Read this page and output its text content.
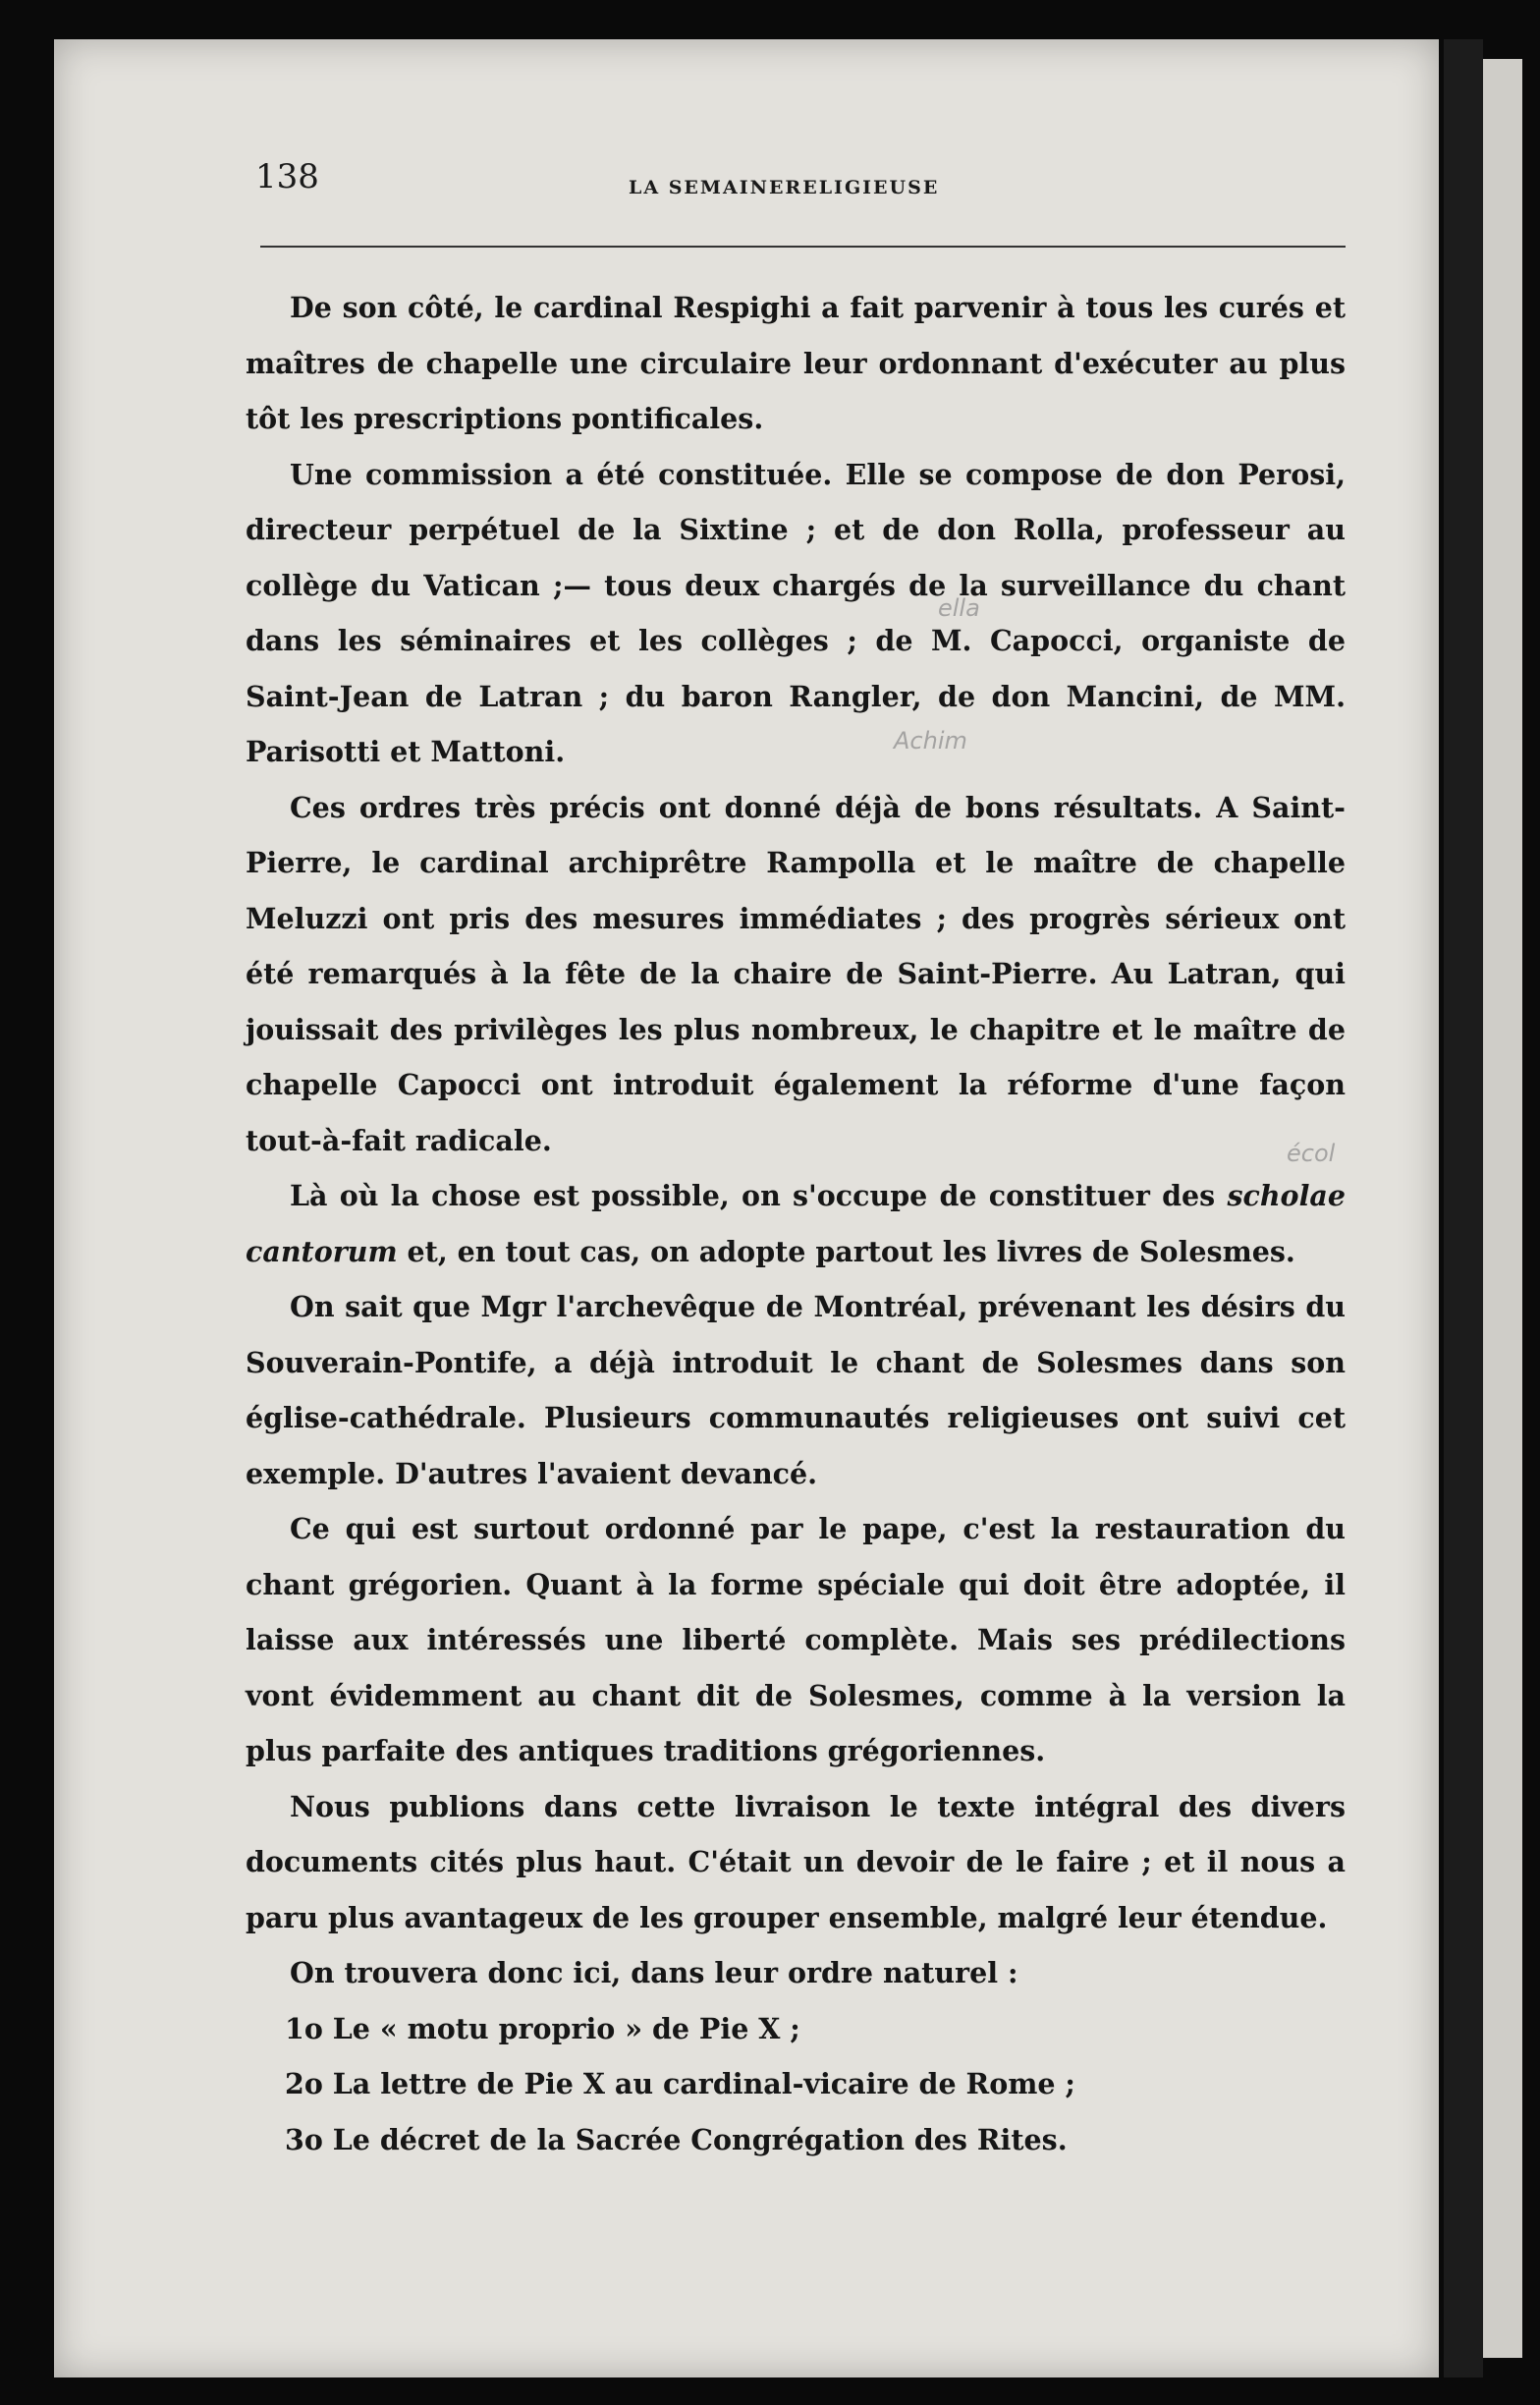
138	LA SEMAINERELIGIEUSE

De son côté, le cardinal Respighi a fait parvenir à tous les curés et maîtres de chapelle une circulaire leur ordonnant d'exécuter au plus tôt les prescriptions pontificales.

Une commission a été constituée. Elle se compose de don Perosi, directeur perpétuel de la Sixtine ; et de don Rolla, professeur au collège du Vatican ;— tous deux chargés de la surveillance du chant dans les séminaires et les collèges ; de M. Capocci, organiste de Saint-Jean de Latran ; du baron Rangler, de don Mancini, de MM. Parisotti et Mattoni.

Ces ordres très précis ont donné déjà de bons résultats. A Saint-Pierre, le cardinal archiprêtre Rampolla et le maître de chapelle Meluzzi ont pris des mesures immédiates ; des progrès sérieux ont été remarqués à la fête de la chaire de Saint-Pierre. Au Latran, qui jouissait des privilèges les plus nombreux, le chapitre et le maître de chapelle Capocci ont introduit également la réforme d'une façon tout-à-fait radicale.

Là où la chose est possible, on s'occupe de constituer des scholae cantorum et, en tout cas, on adopte partout les livres de Solesmes.

On sait que Mgr l'archevêque de Montréal, prévenant les désirs du Souverain-Pontife, a déjà introduit le chant de Solesmes dans son église-cathédrale. Plusieurs communautés religieuses ont suivi cet exemple. D'autres l'avaient devancé.

Ce qui est surtout ordonné par le pape, c'est la restauration du chant grégorien. Quant à la forme spéciale qui doit être adoptée, il laisse aux intéressés une liberté complète. Mais ses prédilections vont évidemment au chant dit de Solesmes, comme à la version la plus parfaite des antiques traditions grégoriennes.

Nous publions dans cette livraison le texte intégral des divers documents cités plus haut. C'était un devoir de le faire ; et il nous a paru plus avantageux de les grouper ensemble, malgré leur étendue.

On trouvera donc ici, dans leur ordre naturel :

1o Le « motu proprio » de Pie X ;

2o La lettre de Pie X au cardinal-vicaire de Rome ;

3o Le décret de la Sacrée Congrégation des Rites.

ella
Achim
écol
